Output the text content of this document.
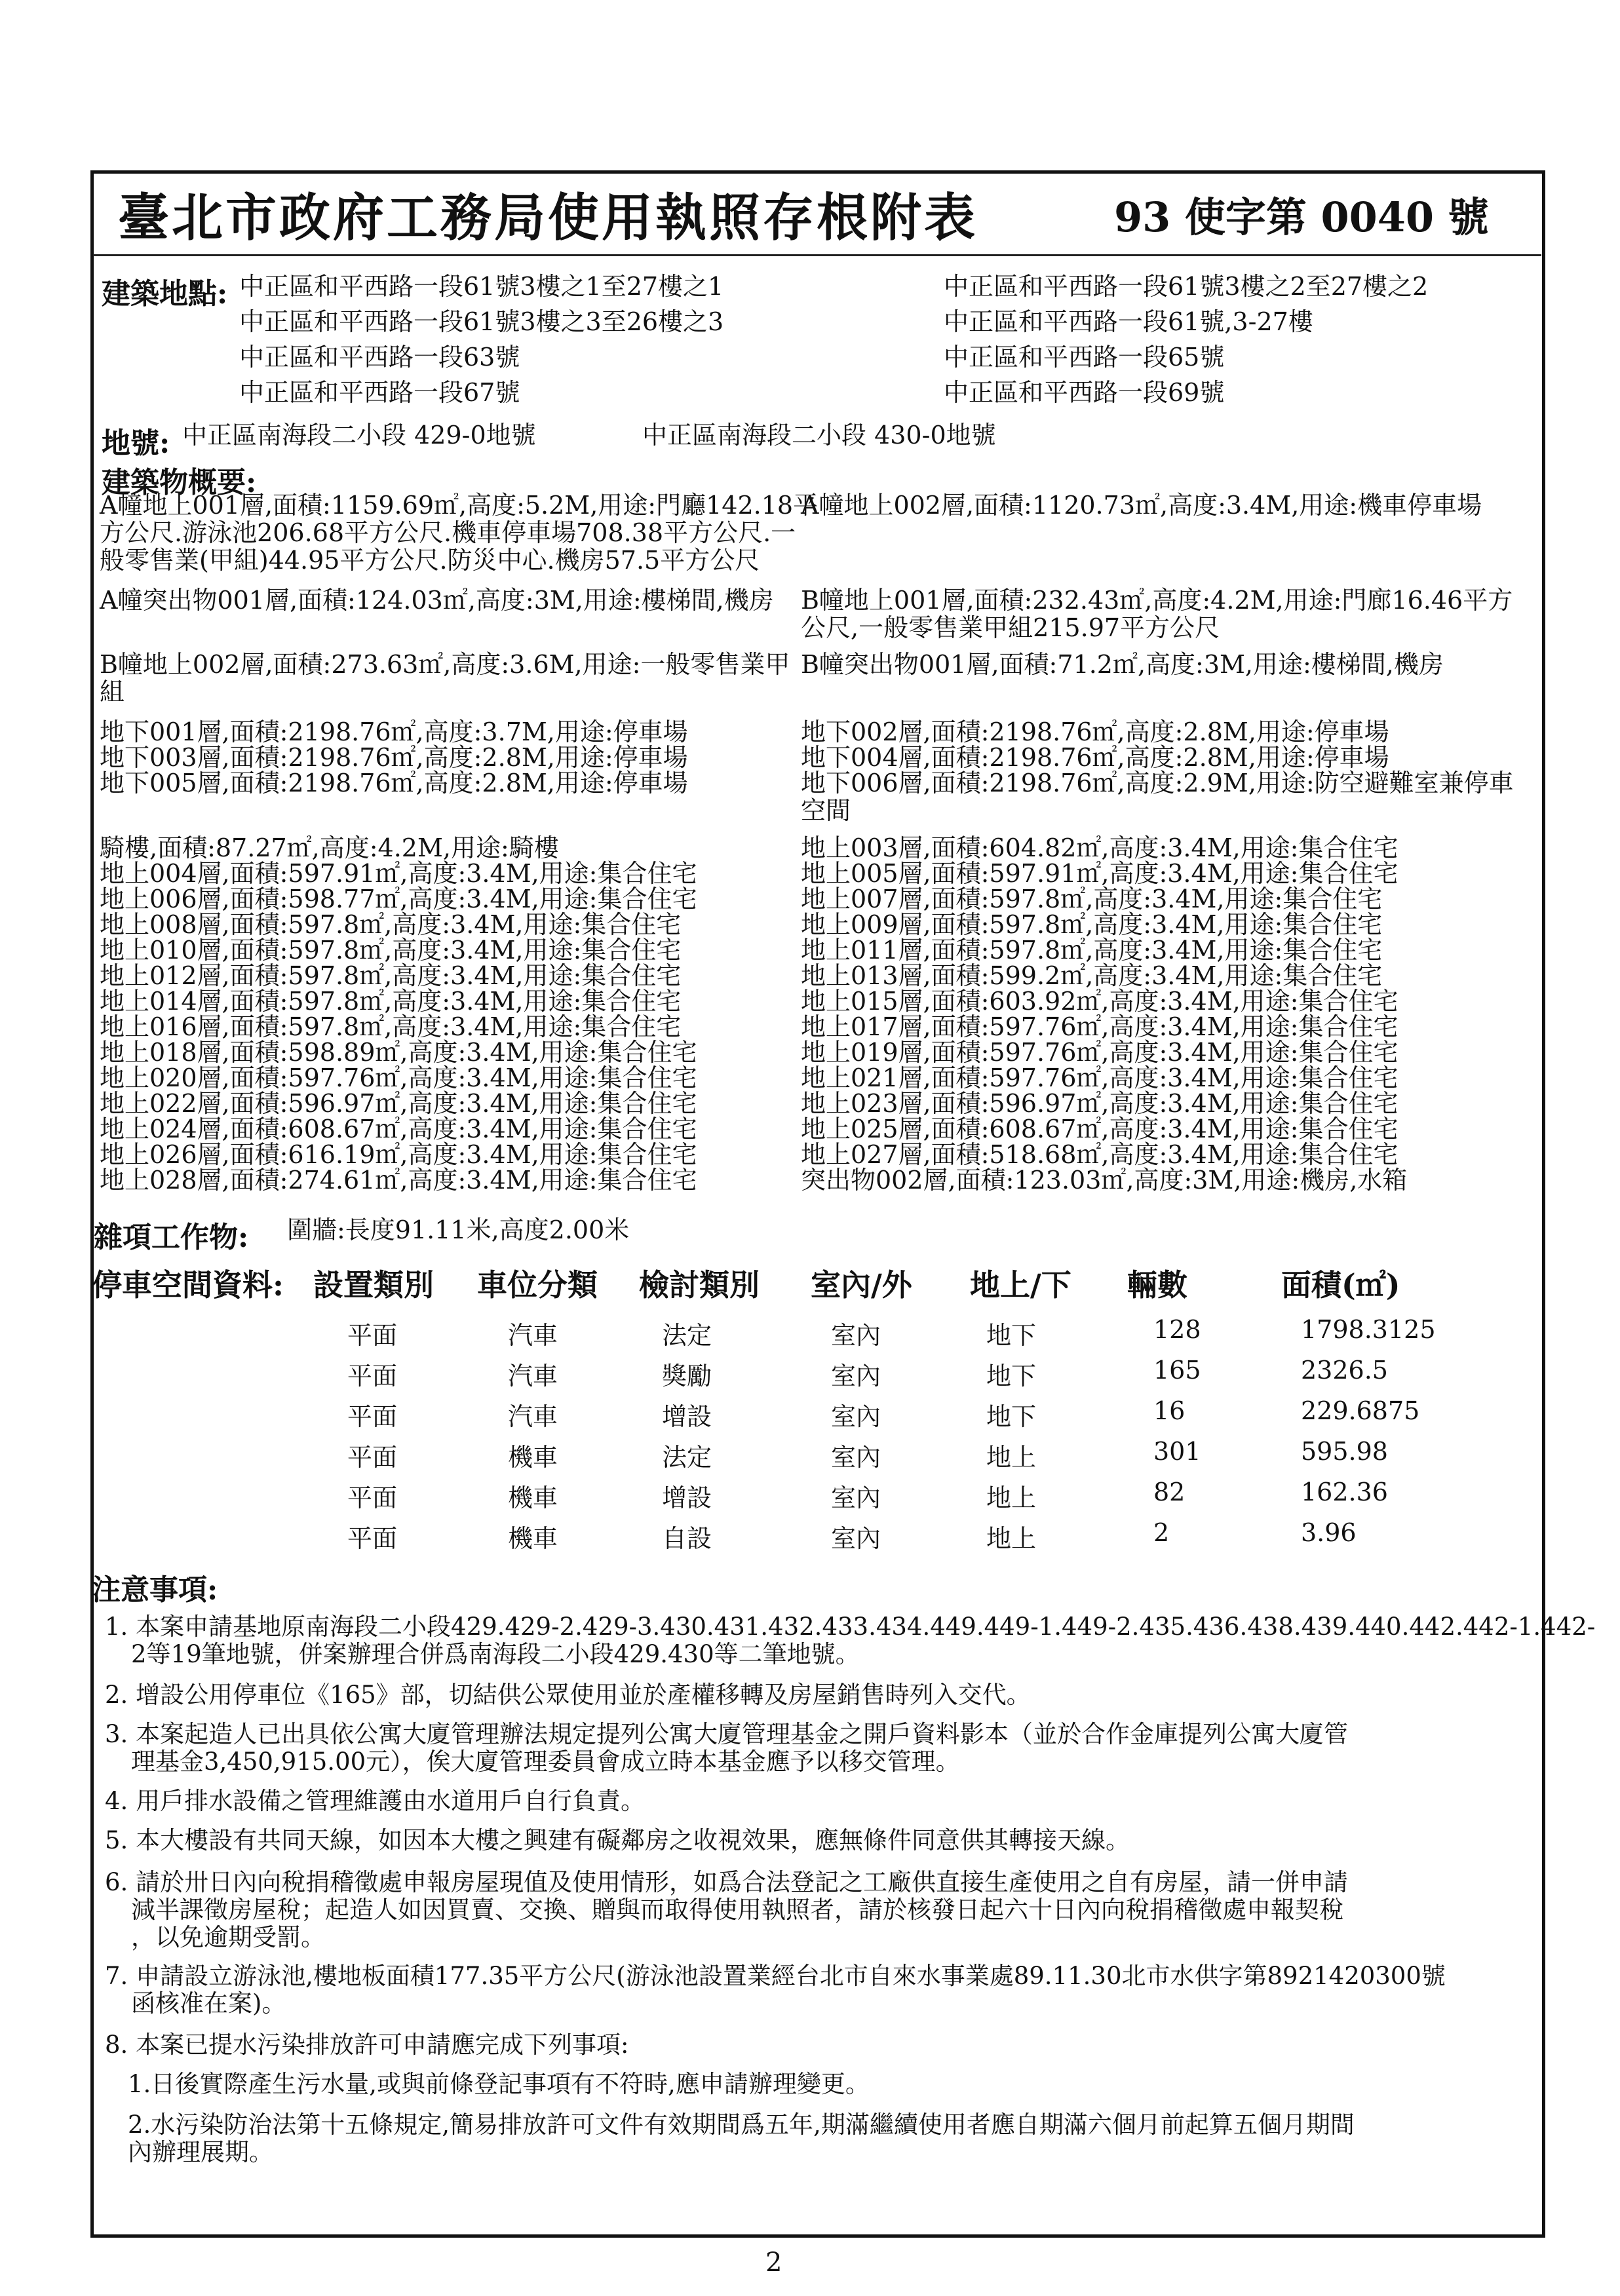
臺北市政府工務局使用執照存根附表	93 使字第 0040 號
建築地點: 中正區和平西路一段61號3樓之1至27樓之1
中正區和平西路一段61號3樓之3至26樓之3
中正區和平西路一段63號
中正區和平西路一段67號
中正區和平西路一段61號3樓之2至27樓之2
中正區和平西路一段61號,3-27樓
中正區和平西路一段65號
中正區和平西路一段69號
地號: 中正區南海段二小段 429-0地號	中正區南海段二小段 430-0地號
建築物概要:
A幢地上001層,面積:1159.69㎡,高度:5.2M,用途:門廳142.18平
方公尺.游泳池206.68平方公尺.機車停車場708.38平方公尺.一
般零售業(甲組)44.95平方公尺.防災中心.機房57.5平方公尺
A幢突出物001層,面積:124.03㎡,高度:3M,用途:樓梯間,機房
B幢地上002層,面積:273.63㎡,高度:3.6M,用途:一般零售業甲
組
地下001層,面積:2198.76㎡,高度:3.7M,用途:停車場
地下003層,面積:2198.76㎡,高度:2.8M,用途:停車場
地下005層,面積:2198.76㎡,高度:2.8M,用途:停車場
騎樓,面積:87.27㎡,高度:4.2M,用途:騎樓
地上004層,面積:597.91㎡,高度:3.4M,用途:集合住宅
地上006層,面積:598.77㎡,高度:3.4M,用途:集合住宅
地上008層,面積:597.8㎡,高度:3.4M,用途:集合住宅
地上010層,面積:597.8㎡,高度:3.4M,用途:集合住宅
地上012層,面積:597.8㎡,高度:3.4M,用途:集合住宅
地上014層,面積:597.8㎡,高度:3.4M,用途:集合住宅
地上016層,面積:597.8㎡,高度:3.4M,用途:集合住宅
地上018層,面積:598.89㎡,高度:3.4M,用途:集合住宅
地上020層,面積:597.76㎡,高度:3.4M,用途:集合住宅
地上022層,面積:596.97㎡,高度:3.4M,用途:集合住宅
地上024層,面積:608.67㎡,高度:3.4M,用途:集合住宅
地上026層,面積:616.19㎡,高度:3.4M,用途:集合住宅
地上028層,面積:274.61㎡,高度:3.4M,用途:集合住宅
A幢地上002層,面積:1120.73㎡,高度:3.4M,用途:機車停車場
B幢地上001層,面積:232.43㎡,高度:4.2M,用途:門廊16.46平方
公尺,一般零售業甲組215.97平方公尺
B幢突出物001層,面積:71.2㎡,高度:3M,用途:樓梯間,機房
地下002層,面積:2198.76㎡,高度:2.8M,用途:停車場
地下004層,面積:2198.76㎡,高度:2.8M,用途:停車場
地下006層,面積:2198.76㎡,高度:2.9M,用途:防空避難室兼停車
空間
地上003層,面積:604.82㎡,高度:3.4M,用途:集合住宅
地上005層,面積:597.91㎡,高度:3.4M,用途:集合住宅
地上007層,面積:597.8㎡,高度:3.4M,用途:集合住宅
地上009層,面積:597.8㎡,高度:3.4M,用途:集合住宅
地上011層,面積:597.8㎡,高度:3.4M,用途:集合住宅
地上013層,面積:599.2㎡,高度:3.4M,用途:集合住宅
地上015層,面積:603.92㎡,高度:3.4M,用途:集合住宅
地上017層,面積:597.76㎡,高度:3.4M,用途:集合住宅
地上019層,面積:597.76㎡,高度:3.4M,用途:集合住宅
地上021層,面積:597.76㎡,高度:3.4M,用途:集合住宅
地上023層,面積:596.97㎡,高度:3.4M,用途:集合住宅
地上025層,面積:608.67㎡,高度:3.4M,用途:集合住宅
地上027層,面積:518.68㎡,高度:3.4M,用途:集合住宅
突出物002層,面積:123.03㎡,高度:3M,用途:機房,水箱
雜項工作物: 圍牆:長度91.11米,高度2.00米
停車空間資料: 設置類別 車位分類 檢討類別 室內/外 地上/下 輛數	面積(㎡)
平面	汽車	法定	室內	地下	128	1798.3125
平面	汽車	獎勵	室內	地下	165	2326.5
平面	汽車	增設	室內	地下	16	229.6875
平面	機車	法定	室內	地上	301	595.98
平面	機車	增設	室內	地上	82	162.36
平面	機車	自設	室內	地上	2	3.96
注意事項:
1. 本案申請基地原南海段二小段429.429-2.429-3.430.431.432.433.434.449.449-1.449-2.435.436.438.439.440.442.442-1.442-
2等19筆地號，併案辦理合併爲南海段二小段429.430等二筆地號。
2. 增設公用停車位《165》部，切結供公眾使用並於產權移轉及房屋銷售時列入交代。
3. 本案起造人已出具依公寓大廈管理辦法規定提列公寓大廈管理基金之開戶資料影本（並於合作金庫提列公寓大廈管
理基金3,450,915.00元），俟大廈管理委員會成立時本基金應予以移交管理。
4. 用戶排水設備之管理維護由水道用戶自行負責。
5. 本大樓設有共同天線，如因本大樓之興建有礙鄰房之收視效果，應無條件同意供其轉接天線。
6. 請於卅日內向稅捐稽徵處申報房屋現值及使用情形，如爲合法登記之工廠供直接生產使用之自有房屋，請一併申請
減半課徵房屋稅；起造人如因買賣、交換、贈與而取得使用執照者，請於核發日起六十日內向稅捐稽徵處申報契稅
，以免逾期受罰。
7. 申請設立游泳池,樓地板面積177.35平方公尺(游泳池設置業經台北市自來水事業處89.11.30北市水供字第8921420300號
函核准在案)。
8. 本案已提水污染排放許可申請應完成下列事項:
1.日後實際產生污水量,或與前條登記事項有不符時,應申請辦理變更。
2.水污染防治法第十五條規定,簡易排放許可文件有效期間爲五年,期滿繼續使用者應自期滿六個月前起算五個月期間
內辦理展期。
2
